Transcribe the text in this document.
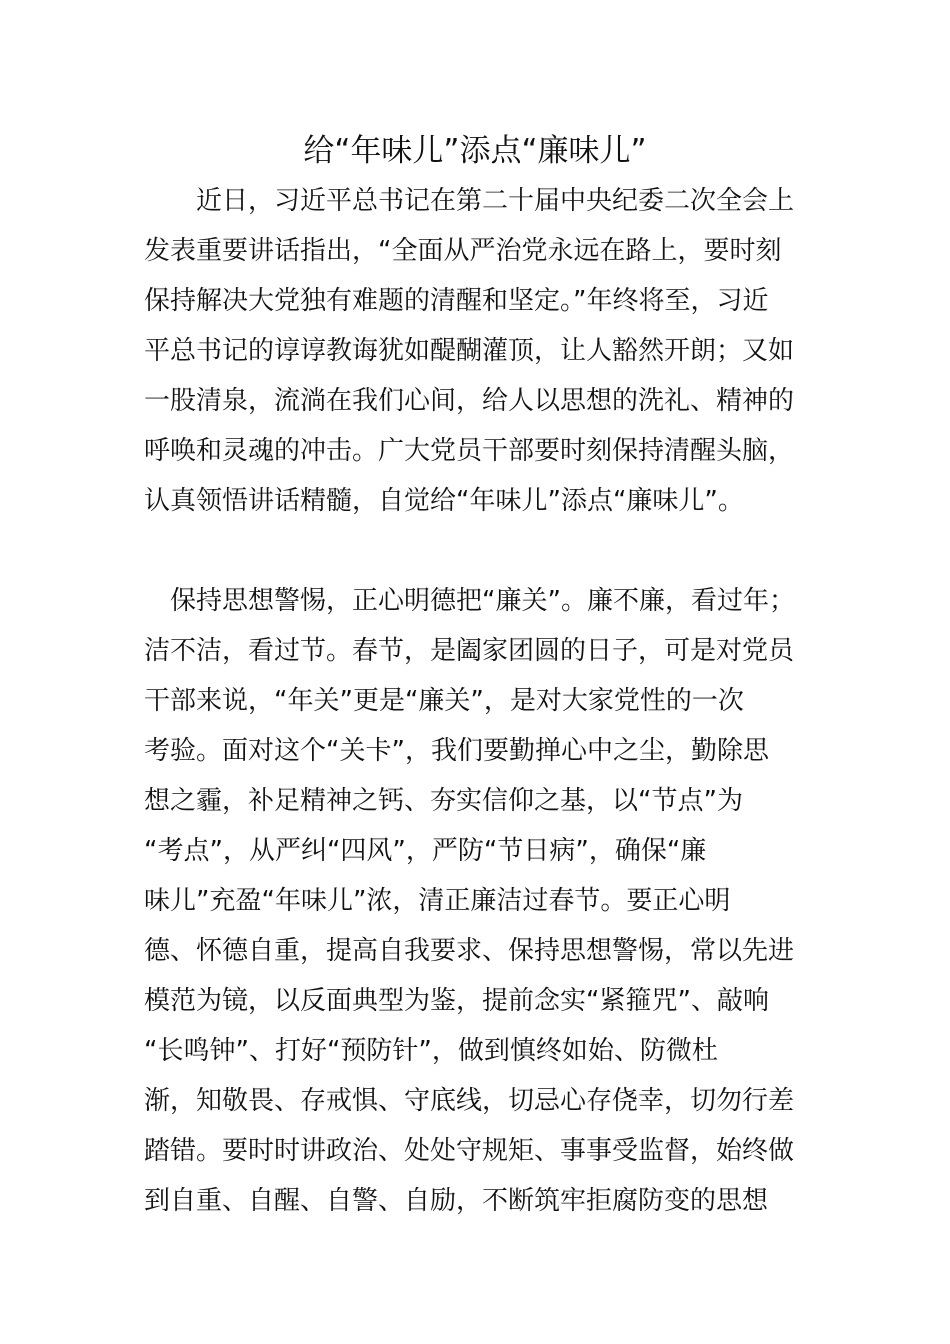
给“年味儿”添点“廉味儿”
近日，习近平总书记在第二十届中央纪委二次全会上
发表重要讲话指出，“全面从严治党永远在路上，要时刻
保持解决大党独有难题的清醒和坚定。”年终将至，习近
平总书记的谆谆教诲犹如醍醐灌顶，让人豁然开朗；又如
一股清泉，流淌在我们心间，给人以思想的洗礼、精神的
呼唤和灵魂的冲击。广大党员干部要时刻保持清醒头脑，
认真领悟讲话精髓，自觉给“年味儿”添点“廉味儿”。
保持思想警惕，正心明德把“廉关”。廉不廉，看过年；
洁不洁，看过节。春节，是阖家团圆的日子，可是对党员
干部来说，“年关”更是“廉关”，是对大家党性的一次
考验。面对这个“关卡”，我们要勤掸心中之尘，勤除思
想之霾，补足精神之钙、夯实信仰之基，以“节点”为
“考点”，从严纠“四风”，严防“节日病”，确保“廉
味儿”充盈“年味儿”浓，清正廉洁过春节。要正心明
德、怀德自重，提高自我要求、保持思想警惕，常以先进
模范为镜，以反面典型为鉴，提前念实“紧箍咒”、敲响
“长鸣钟”、打好“预防针”，做到慎终如始、防微杜
渐，知敬畏、存戒惧、守底线，切忌心存侥幸，切勿行差
踏错。要时时讲政治、处处守规矩、事事受监督，始终做
到自重、自醒、自警、自励，不断筑牢拒腐防变的思想
